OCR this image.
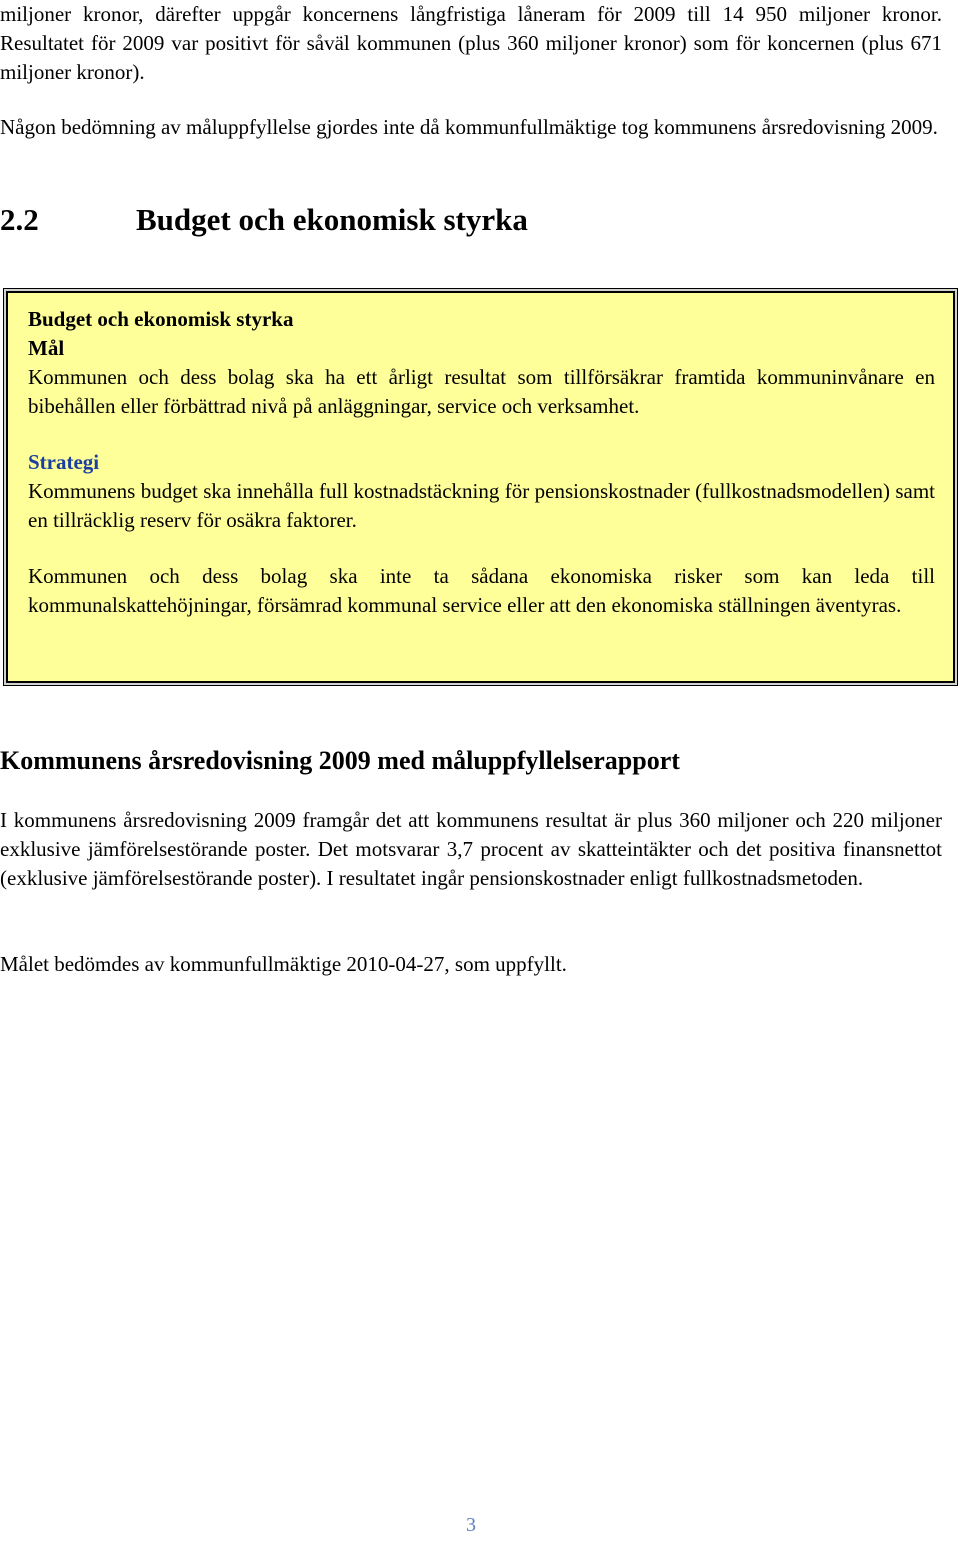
miljoner kronor, därefter uppgår koncernens långfristiga låneram för 2009 till 14 950 miljoner kronor. Resultatet för 2009 var positivt för såväl kommunen (plus 360 miljoner kronor) som för koncernen (plus 671 miljoner kronor).

Någon bedömning av måluppfyllelse gjordes inte då kommunfullmäktige tog kommunens årsredovisning 2009.

2.2	Budget och ekonomisk styrka

Budget och ekonomisk styrka

Mål

Kommunen och dess bolag ska ha ett årligt resultat som tillförsäkrar framtida kommuninvånare en bibehållen eller förbättrad nivå på anläggningar, service och verksamhet.

Strategi

Kommunens budget ska innehålla full kostnadstäckning för pensionskostnader (fullkostnadsmodellen) samt en tillräcklig reserv för osäkra faktorer.

Kommunen och dess bolag ska inte ta sådana ekonomiska risker som kan leda till kommunalskattehöjningar, försämrad kommunal service eller att den ekonomiska ställningen äventyras.

Kommunens årsredovisning 2009 med måluppfyllelserapport

I kommunens årsredovisning 2009 framgår det att kommunens resultat är plus 360 miljoner och 220 miljoner exklusive jämförelsestörande poster. Det motsvarar 3,7 procent av skatteintäkter och det positiva finansnettot (exklusive jämförelsestörande poster). I resultatet ingår pensionskostnader enligt fullkostnadsmetoden.

Målet bedömdes av kommunfullmäktige 2010-04-27, som uppfyllt.

3
